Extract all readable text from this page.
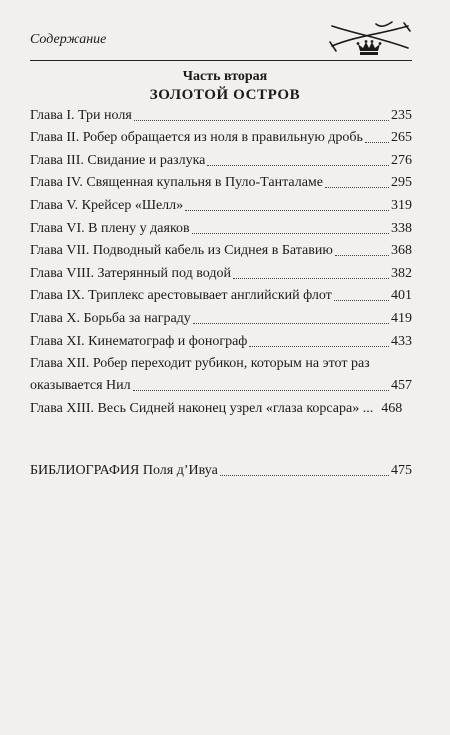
Содержание
Часть вторая
ЗОЛОТОЙ ОСТРОВ
Глава I. Три ноля	235
Глава II. Робер обращается из ноля в правильную дробь 265
Глава III. Свидание и разлука	276
Глава IV. Священная купальня в Пуло-Танталаме	295
Глава V. Крейсер «Шелл»	319
Глава VI. В плену у даяков	338
Глава VII. Подводный кабель из Сиднея в Батавию	368
Глава VIII. Затерянный под водой	382
Глава IX. Триплекс арестовывает английский флот	401
Глава X. Борьба за награду	419
Глава XI. Кинематограф и фонограф	433
Глава XII. Робер переходит рубикон, которым на этот раз
оказывается Нил	457
Глава XIII. Весь Сидней наконец узрел «глаза корсара» ... 468
БИБЛИОГРАФИЯ Поля д’Ивуа	475
